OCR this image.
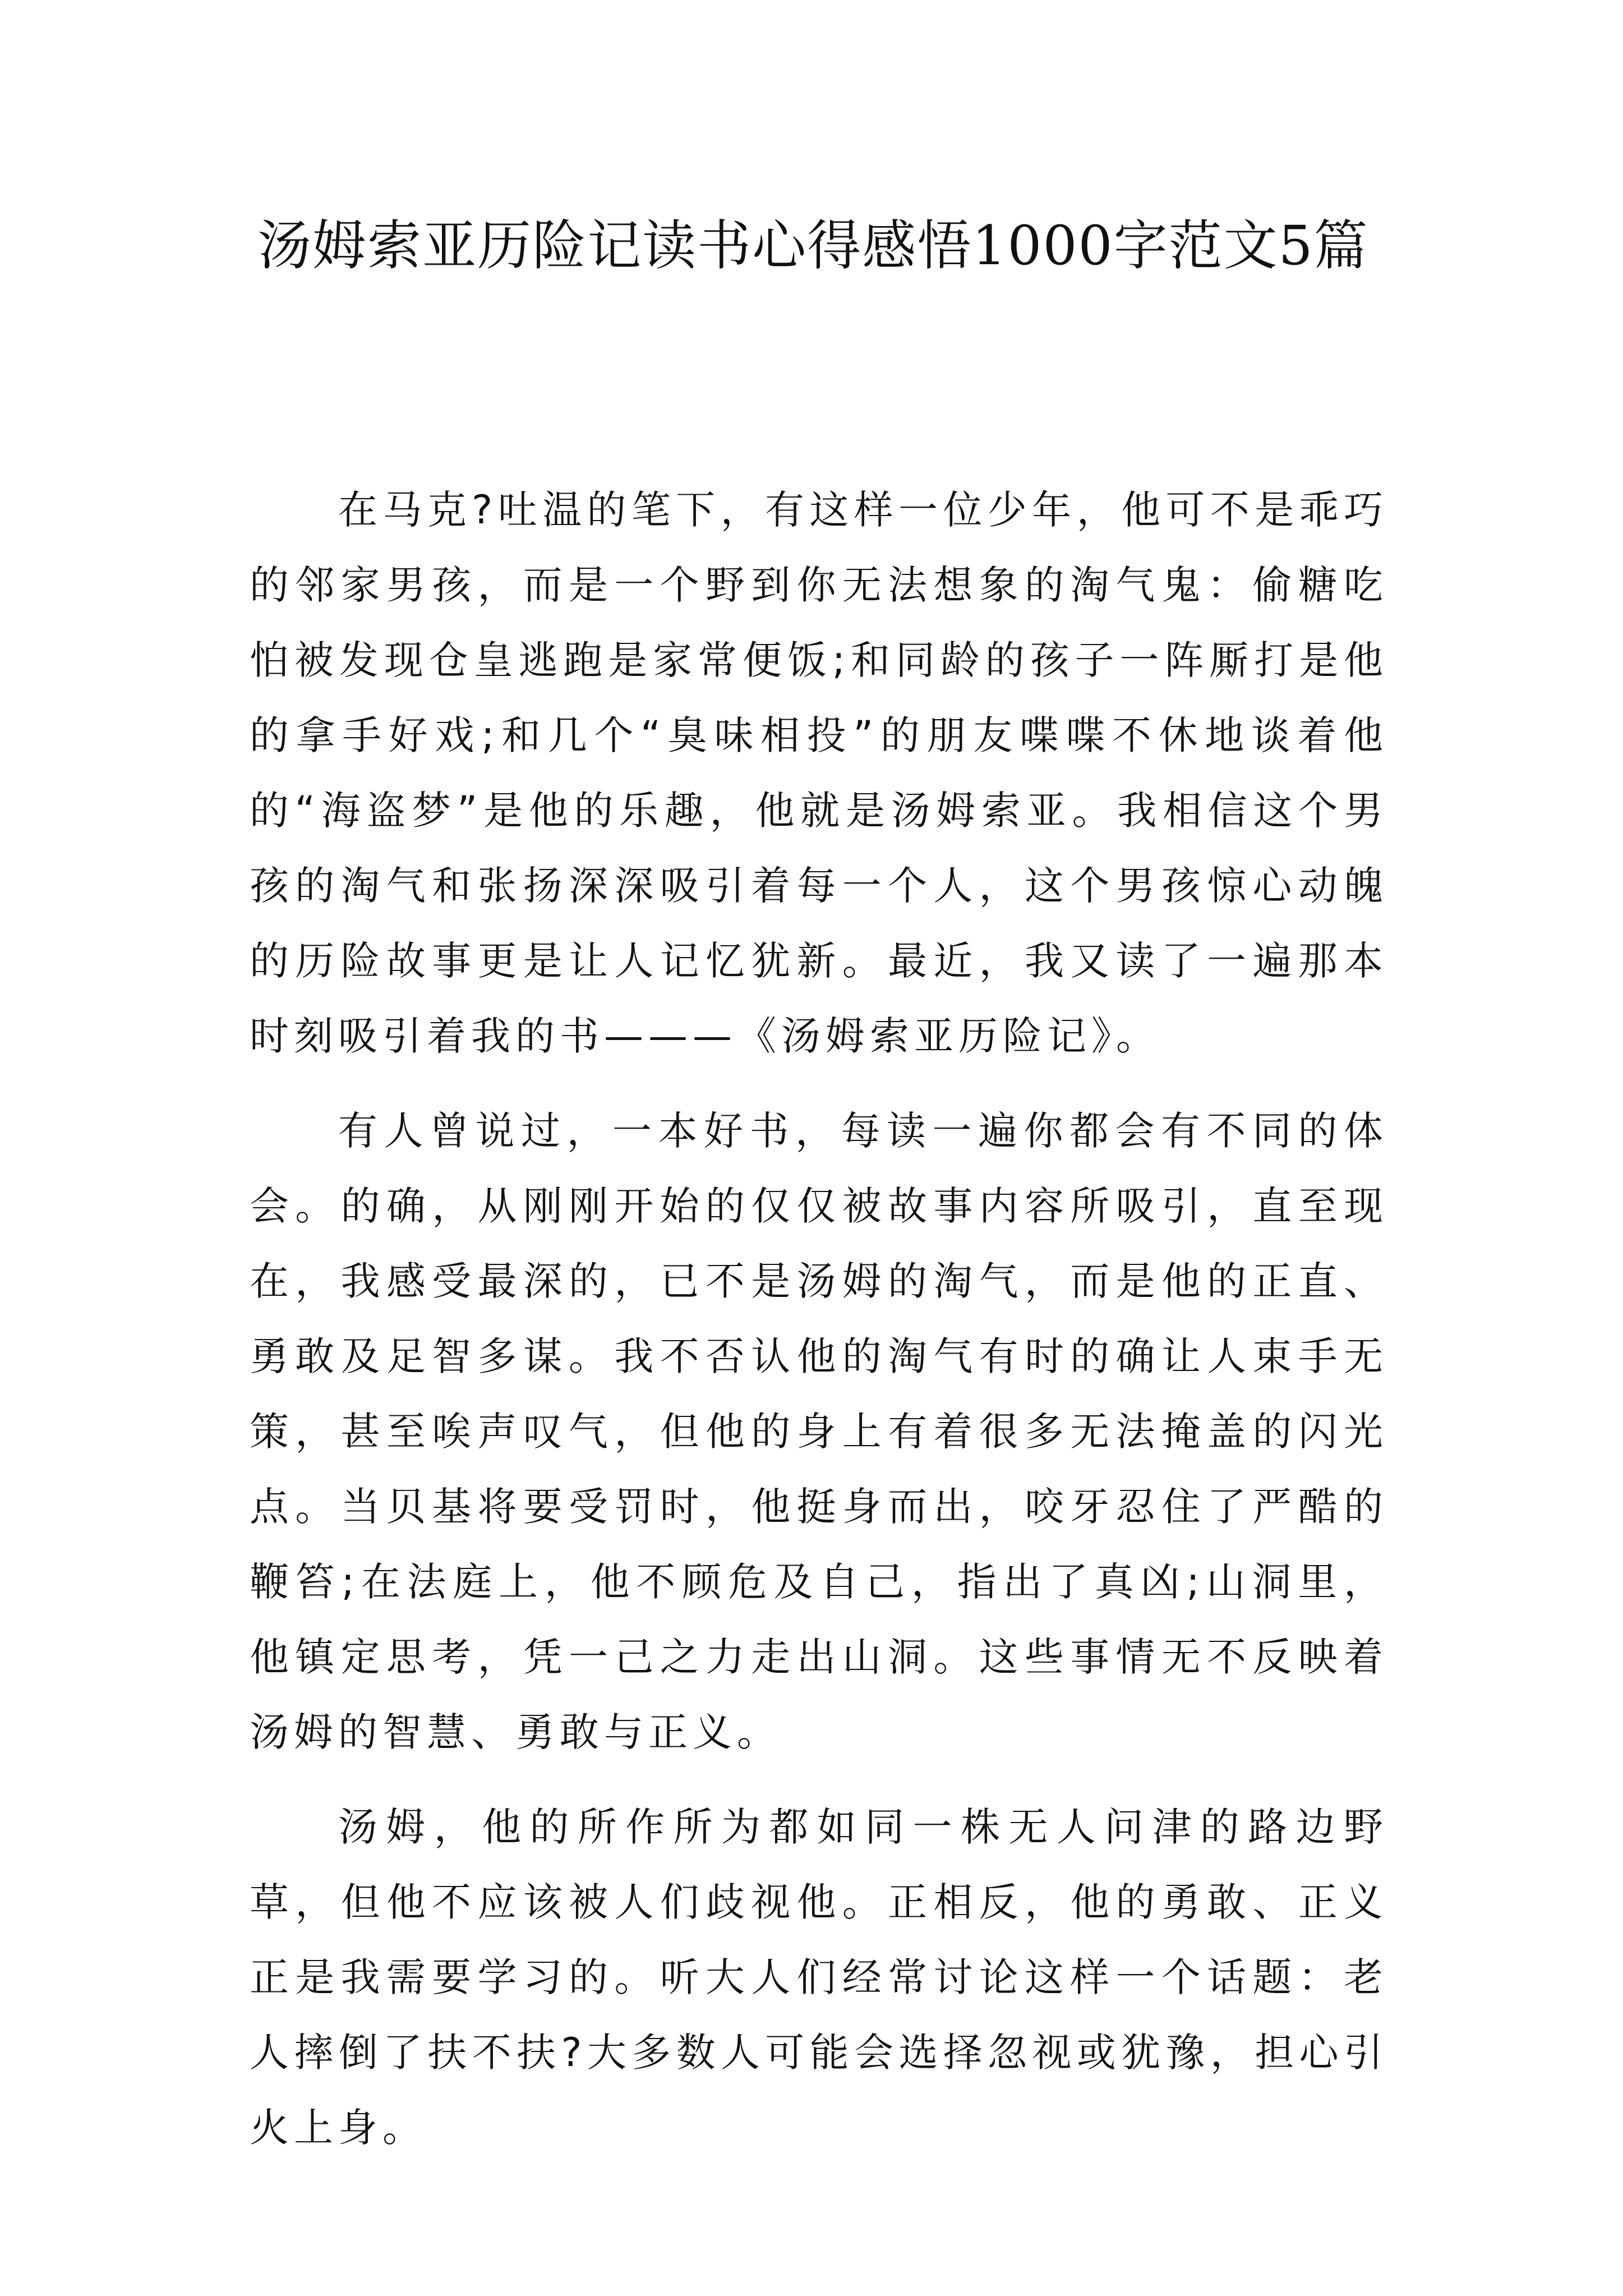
汤姆索亚历险记读书心得感悟1000字范文5篇

在马克?吐温的笔下，有这样一位少年，他可不是乖巧的邻家男孩，而是一个野到你无法想象的淘气鬼：偷糖吃怕被发现仓皇逃跑是家常便饭;和同龄的孩子一阵厮打是他的拿手好戏;和几个“臭味相投”的朋友喋喋不休地谈着他的“海盗梦”是他的乐趣，他就是汤姆索亚。我相信这个男孩的淘气和张扬深深吸引着每一个人，这个男孩惊心动魄的历险故事更是让人记忆犹新。最近，我又读了一遍那本时刻吸引着我的书———《汤姆索亚历险记》。

有人曾说过，一本好书，每读一遍你都会有不同的体会。的确，从刚刚开始的仅仅被故事内容所吸引，直至现在，我感受最深的，已不是汤姆的淘气，而是他的正直、勇敢及足智多谋。我不否认他的淘气有时的确让人束手无策，甚至唉声叹气，但他的身上有着很多无法掩盖的闪光点。当贝基将要受罚时，他挺身而出，咬牙忍住了严酷的鞭笞;在法庭上，他不顾危及自己，指出了真凶;山洞里，他镇定思考，凭一己之力走出山洞。这些事情无不反映着汤姆的智慧、勇敢与正义。

汤姆，他的所作所为都如同一株无人问津的路边野草，但他不应该被人们歧视他。正相反，他的勇敢、正义正是我需要学习的。听大人们经常讨论这样一个话题：老人摔倒了扶不扶?大多数人可能会选择忽视或犹豫，担心引火上身。
